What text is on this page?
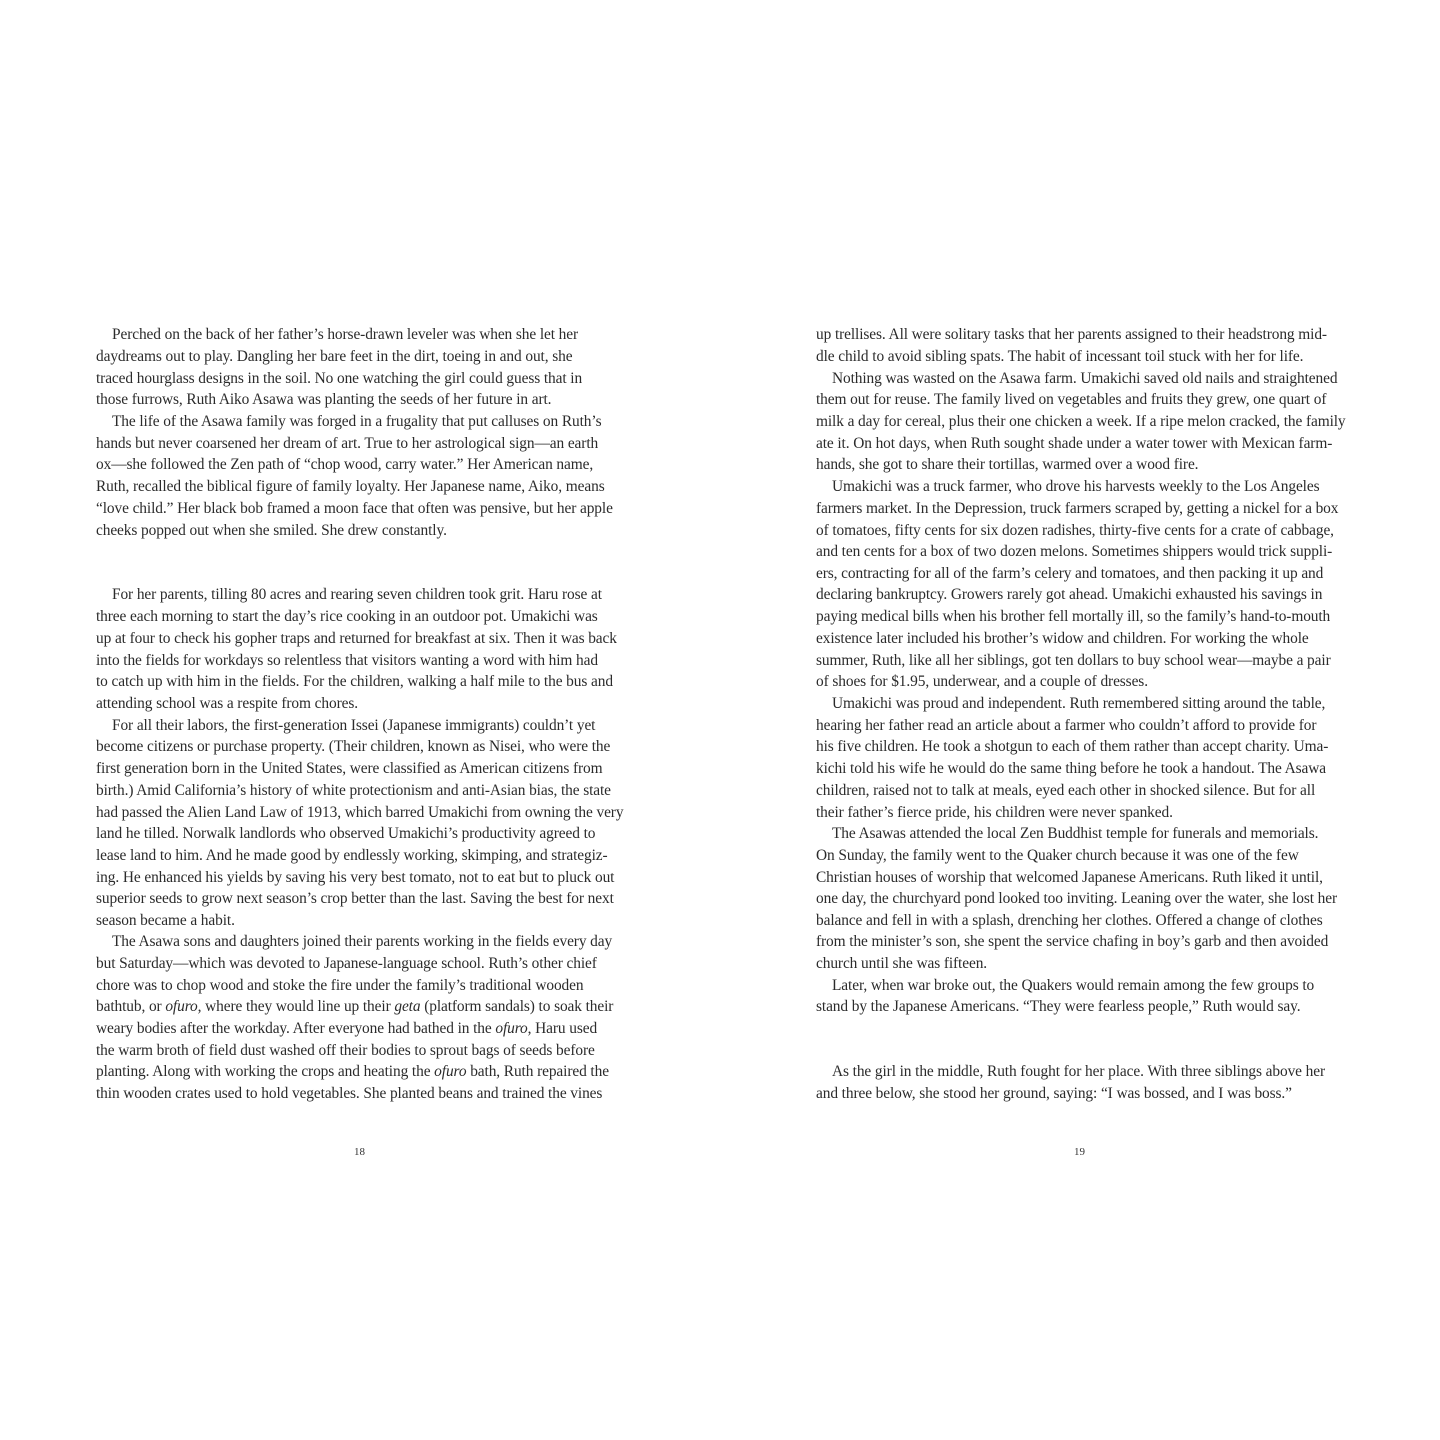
Perched on the back of her father’s horse-drawn leveler was when she let her
daydreams out to play. Dangling her bare feet in the dirt, toeing in and out, she
traced hourglass designs in the soil. No one watching the girl could guess that in
those furrows, Ruth Aiko Asawa was planting the seeds of her future in art.
The life of the Asawa family was forged in a frugality that put calluses on Ruth’s
hands but never coarsened her dream of art. True to her astrological sign—an earth
ox—she followed the Zen path of “chop wood, carry water.” Her American name,
Ruth, recalled the biblical figure of family loyalty. Her Japanese name, Aiko, means
“love child.” Her black bob framed a moon face that often was pensive, but her apple
cheeks popped out when she smiled. She drew constantly.
For her parents, tilling 80 acres and rearing seven children took grit. Haru rose at
three each morning to start the day’s rice cooking in an outdoor pot. Umakichi was
up at four to check his gopher traps and returned for breakfast at six. Then it was back
into the fields for workdays so relentless that visitors wanting a word with him had
to catch up with him in the fields. For the children, walking a half mile to the bus and
attending school was a respite from chores.
For all their labors, the first-generation Issei (Japanese immigrants) couldn’t yet
become citizens or purchase property. (Their children, known as Nisei, who were the
first generation born in the United States, were classified as American citizens from
birth.) Amid California’s history of white protectionism and anti-Asian bias, the state
had passed the Alien Land Law of 1913, which barred Umakichi from owning the very
land he tilled. Norwalk landlords who observed Umakichi’s productivity agreed to
lease land to him. And he made good by endlessly working, skimping, and strategiz-
ing. He enhanced his yields by saving his very best tomato, not to eat but to pluck out
superior seeds to grow next season’s crop better than the last. Saving the best for next
season became a habit.
The Asawa sons and daughters joined their parents working in the fields every day
but Saturday—which was devoted to Japanese-language school. Ruth’s other chief
chore was to chop wood and stoke the fire under the family’s traditional wooden
bathtub, or ofuro, where they would line up their geta (platform sandals) to soak their
weary bodies after the workday. After everyone had bathed in the ofuro, Haru used
the warm broth of field dust washed off their bodies to sprout bags of seeds before
planting. Along with working the crops and heating the ofuro bath, Ruth repaired the
thin wooden crates used to hold vegetables. She planted beans and trained the vines
18
up trellises. All were solitary tasks that her parents assigned to their headstrong mid-
dle child to avoid sibling spats. The habit of incessant toil stuck with her for life.
Nothing was wasted on the Asawa farm. Umakichi saved old nails and straightened
them out for reuse. The family lived on vegetables and fruits they grew, one quart of
milk a day for cereal, plus their one chicken a week. If a ripe melon cracked, the family
ate it. On hot days, when Ruth sought shade under a water tower with Mexican farm-
hands, she got to share their tortillas, warmed over a wood fire.
Umakichi was a truck farmer, who drove his harvests weekly to the Los Angeles
farmers market. In the Depression, truck farmers scraped by, getting a nickel for a box
of tomatoes, fifty cents for six dozen radishes, thirty-five cents for a crate of cabbage,
and ten cents for a box of two dozen melons. Sometimes shippers would trick suppli-
ers, contracting for all of the farm’s celery and tomatoes, and then packing it up and
declaring bankruptcy. Growers rarely got ahead. Umakichi exhausted his savings in
paying medical bills when his brother fell mortally ill, so the family’s hand-to-mouth
existence later included his brother’s widow and children. For working the whole
summer, Ruth, like all her siblings, got ten dollars to buy school wear—maybe a pair
of shoes for $1.95, underwear, and a couple of dresses.
Umakichi was proud and independent. Ruth remembered sitting around the table,
hearing her father read an article about a farmer who couldn’t afford to provide for
his five children. He took a shotgun to each of them rather than accept charity. Uma-
kichi told his wife he would do the same thing before he took a handout. The Asawa
children, raised not to talk at meals, eyed each other in shocked silence. But for all
their father’s fierce pride, his children were never spanked.
The Asawas attended the local Zen Buddhist temple for funerals and memorials.
On Sunday, the family went to the Quaker church because it was one of the few
Christian houses of worship that welcomed Japanese Americans. Ruth liked it until,
one day, the churchyard pond looked too inviting. Leaning over the water, she lost her
balance and fell in with a splash, drenching her clothes. Offered a change of clothes
from the minister’s son, she spent the service chafing in boy’s garb and then avoided
church until she was fifteen.
Later, when war broke out, the Quakers would remain among the few groups to
stand by the Japanese Americans. “They were fearless people,” Ruth would say.
As the girl in the middle, Ruth fought for her place. With three siblings above her
and three below, she stood her ground, saying: “I was bossed, and I was boss.”
19
